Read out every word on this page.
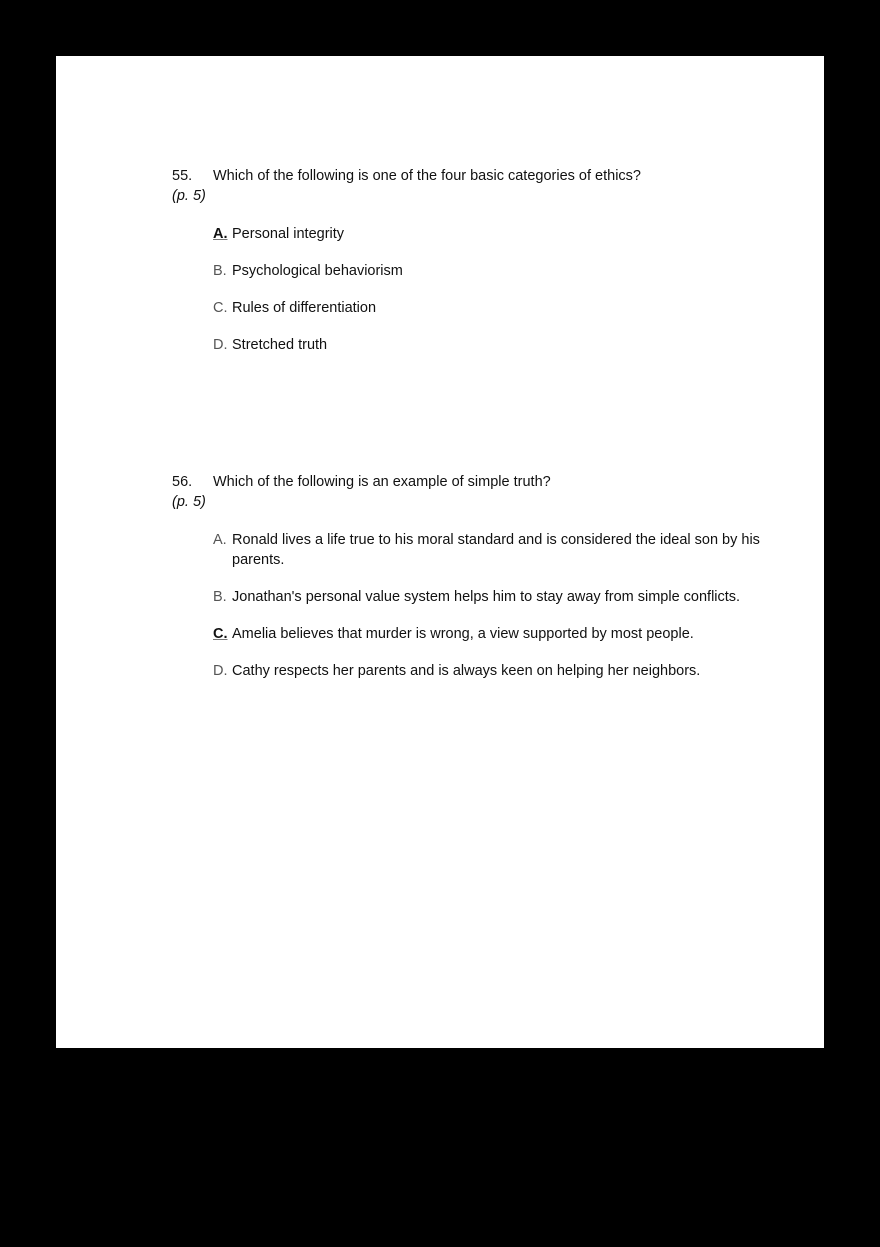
55.	Which of the following is one of the four basic categories of ethics?
(p. 5)
A. Personal integrity
B. Psychological behaviorism
C. Rules of differentiation
D. Stretched truth
56.	Which of the following is an example of simple truth?
(p. 5)
A. Ronald lives a life true to his moral standard and is considered the ideal son by his parents.
B. Jonathan's personal value system helps him to stay away from simple conflicts.
C. Amelia believes that murder is wrong, a view supported by most people.
D. Cathy respects her parents and is always keen on helping her neighbors.
